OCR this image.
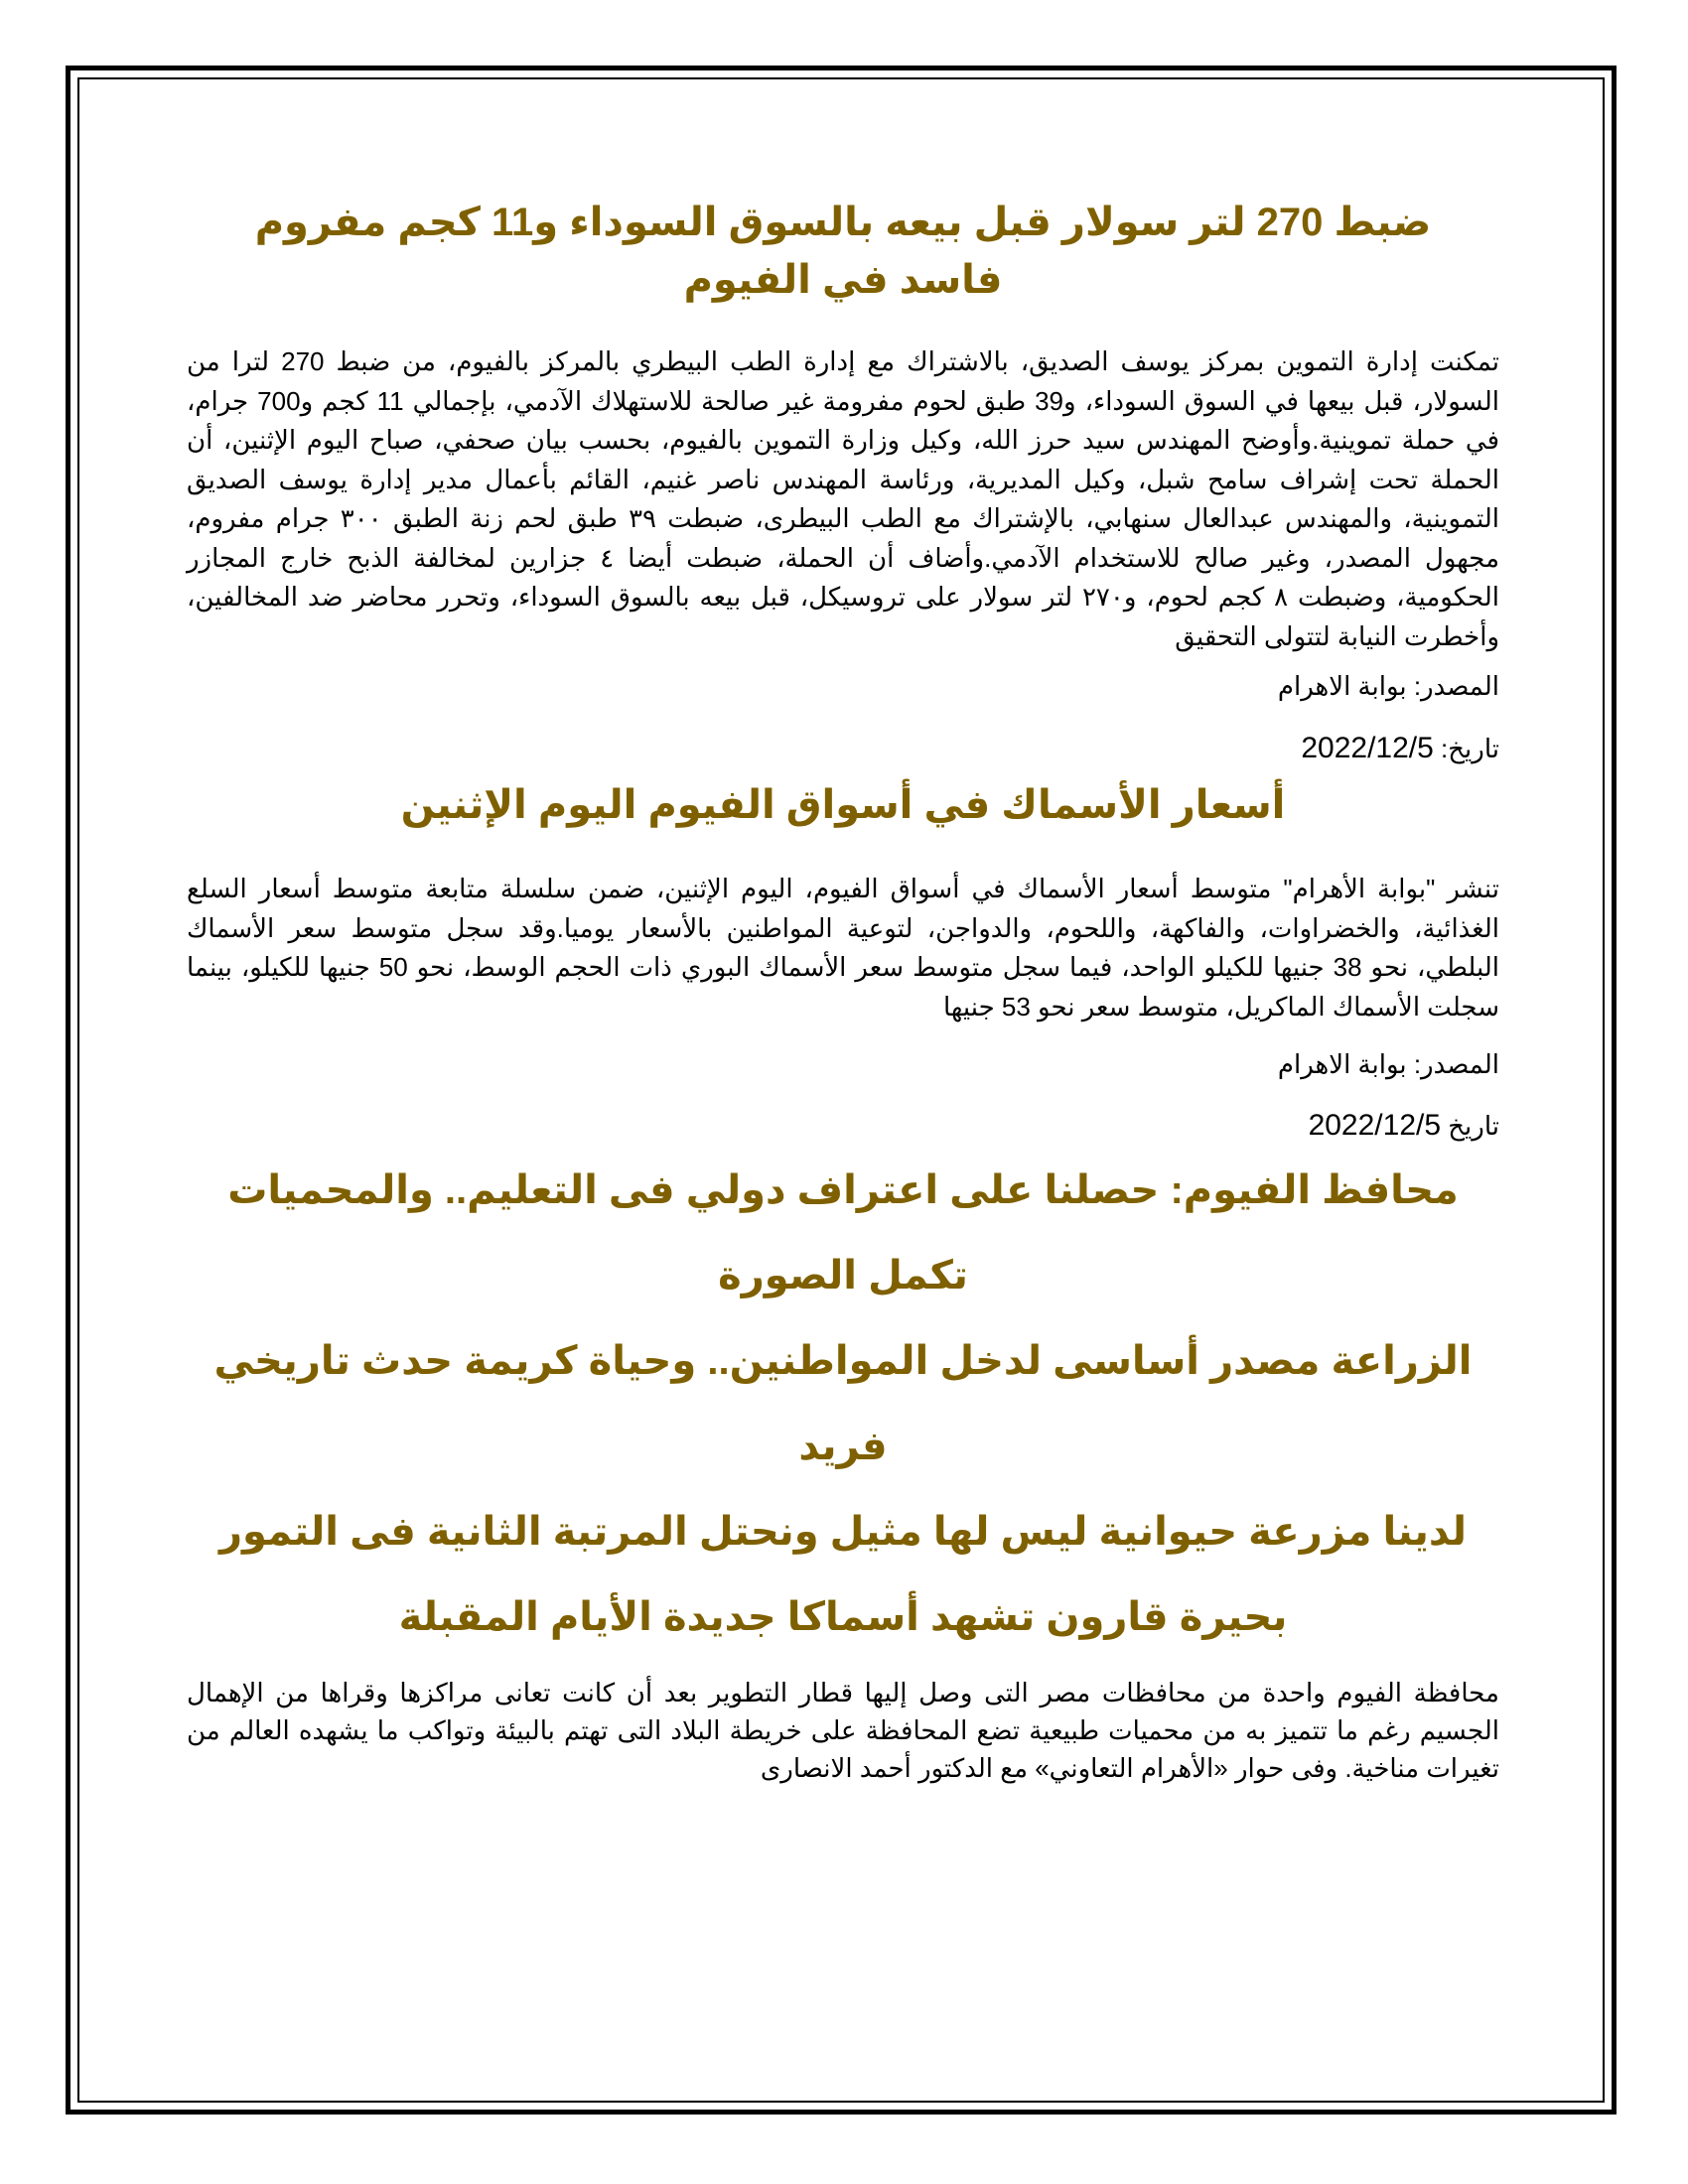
ضبط 270 لتر سولار قبل بيعه بالسوق السوداء و11 كجم مفروم فاسد في الفيوم

تمكنت إدارة التموين بمركز يوسف الصديق، بالاشتراك مع إدارة الطب البيطري بالمركز بالفيوم، من ضبط 270 لترا من السولار، قبل بيعها في السوق السوداء، و39 طبق لحوم مفرومة غير صالحة للاستهلاك الآدمي، بإجمالي 11 كجم و700 جرام، في حملة تموينية.وأوضح المهندس سيد حرز الله، وكيل وزارة التموين بالفيوم، بحسب بيان صحفي، صباح اليوم الإثنين، أن الحملة تحت إشراف سامح شبل، وكيل المديرية، ورئاسة المهندس ناصر غنيم، القائم بأعمال مدير إدارة يوسف الصديق التموينية، والمهندس عبدالعال سنهابي، بالإشتراك مع الطب البيطرى، ضبطت ٣٩ طبق لحم زنة الطبق ٣٠٠ جرام مفروم، مجهول المصدر، وغير صالح للاستخدام الآدمي.وأضاف أن الحملة، ضبطت أيضا ٤ جزارين لمخالفة الذبح خارج المجازر الحكومية، وضبطت ٨ كجم لحوم، و٢٧٠ لتر سولار على تروسيكل، قبل بيعه بالسوق السوداء، وتحرر محاضر ضد المخالفين، وأخطرت النيابة لتتولى التحقيق

المصدر: بوابة الاهرام

تاريخ: 2022/12/5

أسعار الأسماك في أسواق الفيوم اليوم الإثنين

تنشر "بوابة الأهرام" متوسط أسعار الأسماك في أسواق الفيوم، اليوم الإثنين، ضمن سلسلة متابعة متوسط أسعار السلع الغذائية، والخضراوات، والفاكهة، واللحوم، والدواجن، لتوعية المواطنين بالأسعار يوميا.وقد سجل متوسط سعر الأسماك البلطي، نحو 38 جنيها للكيلو الواحد، فيما سجل متوسط سعر الأسماك البوري ذات الحجم الوسط، نحو 50 جنيها للكيلو، بينما سجلت الأسماك الماكريل، متوسط سعر نحو 53 جنيها

المصدر: بوابة الاهرام

تاريخ 2022/12/5

محافظ الفيوم: حصلنا على اعتراف دولي فى التعليم.. والمحميات تكمل الصورة
الزراعة مصدر أساسى لدخل المواطنين.. وحياة كريمة حدث تاريخي فريد
لدينا مزرعة حيوانية ليس لها مثيل ونحتل المرتبة الثانية فى التمور
بحيرة قارون تشهد أسماكا جديدة الأيام المقبلة

محافظة الفيوم واحدة من محافظات مصر التى وصل إليها قطار التطوير بعد أن كانت تعانى مراكزها وقراها من الإهمال الجسيم رغم ما تتميز به من محميات طبيعية تضع المحافظة على خريطة البلاد التى تهتم بالبيئة وتواكب ما يشهده العالم من تغيرات مناخية. وفى حوار «الأهرام التعاوني» مع الدكتور أحمد الانصارى
